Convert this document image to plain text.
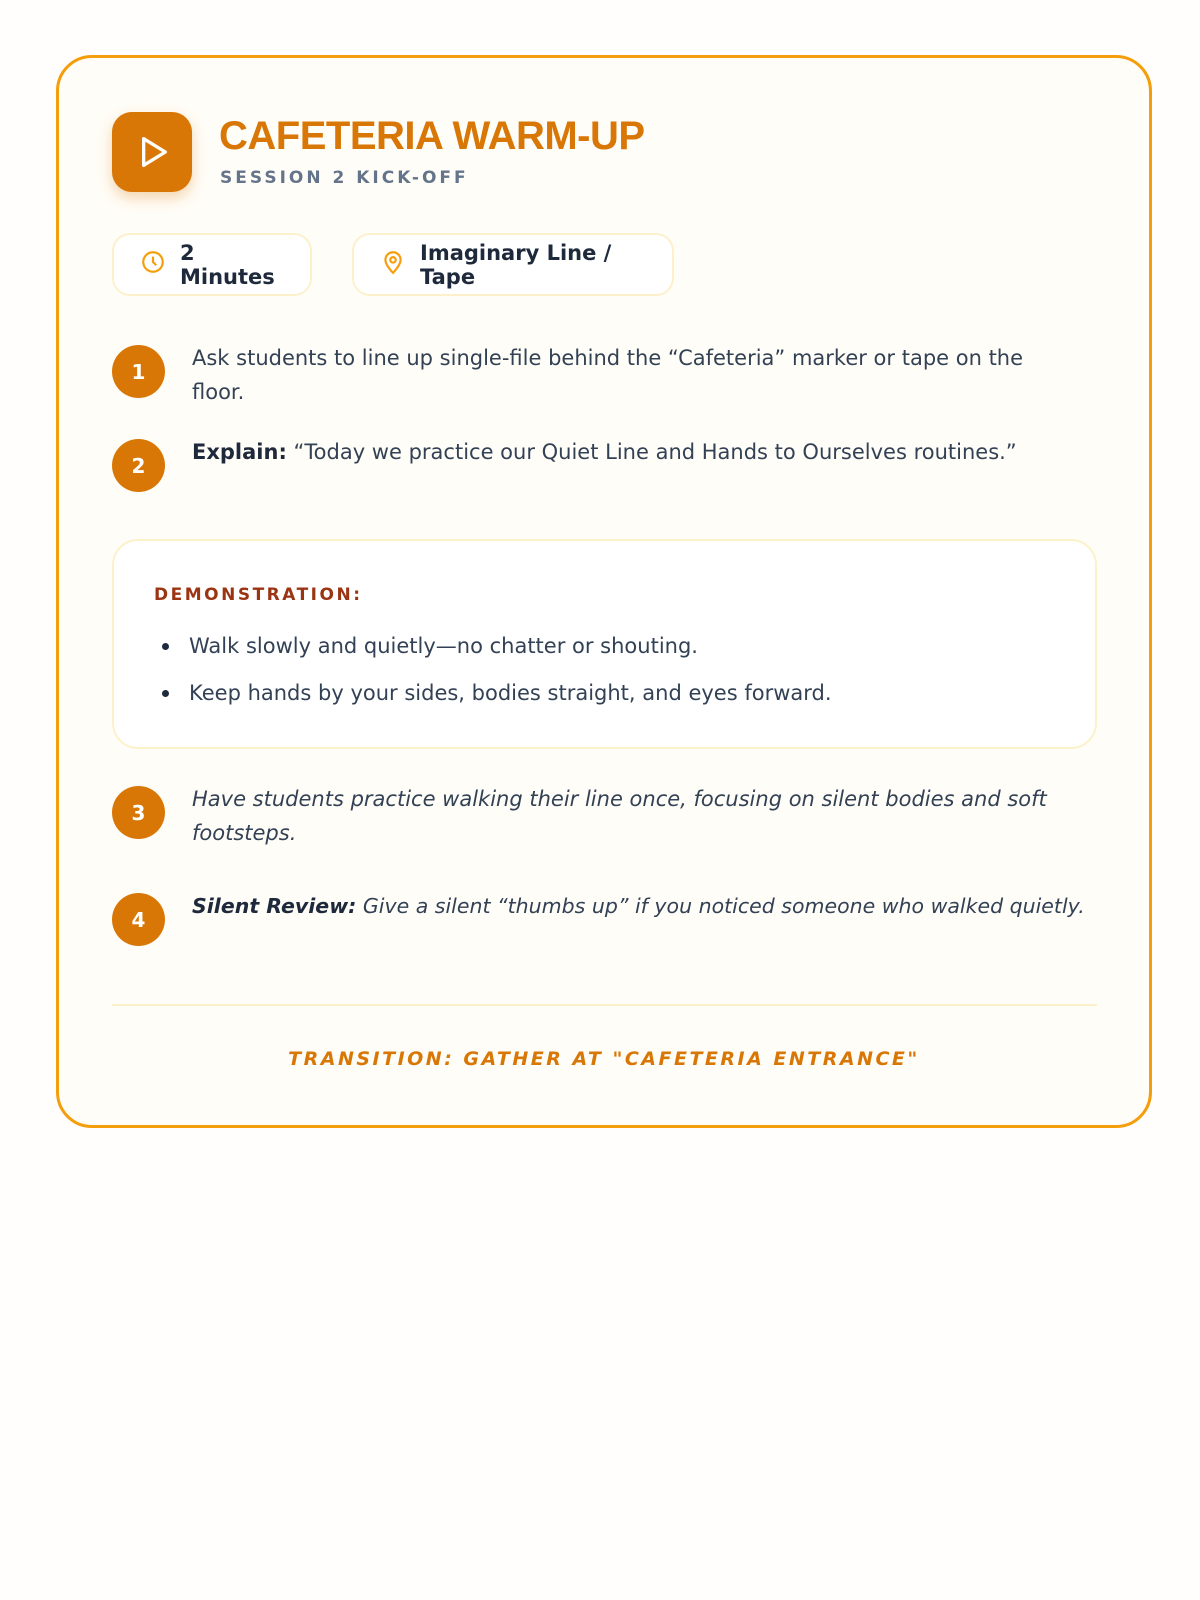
CAFETERIA WARM-UP
SESSION 2 KICK-OFF
2 Minutes
Imaginary Line / Tape
1
Ask students to line up single-file behind the “Cafeteria” marker or tape on the floor.
2
Explain: “Today we practice our Quiet Line and Hands to Ourselves routines.”
DEMONSTRATION:
Walk slowly and quietly—no chatter or shouting.
Keep hands by your sides, bodies straight, and eyes forward.
3
Have students practice walking their line once, focusing on silent bodies and soft footsteps.
4
Silent Review: Give a silent “thumbs up” if you noticed someone who walked quietly.
TRANSITION: GATHER AT "CAFETERIA ENTRANCE"
